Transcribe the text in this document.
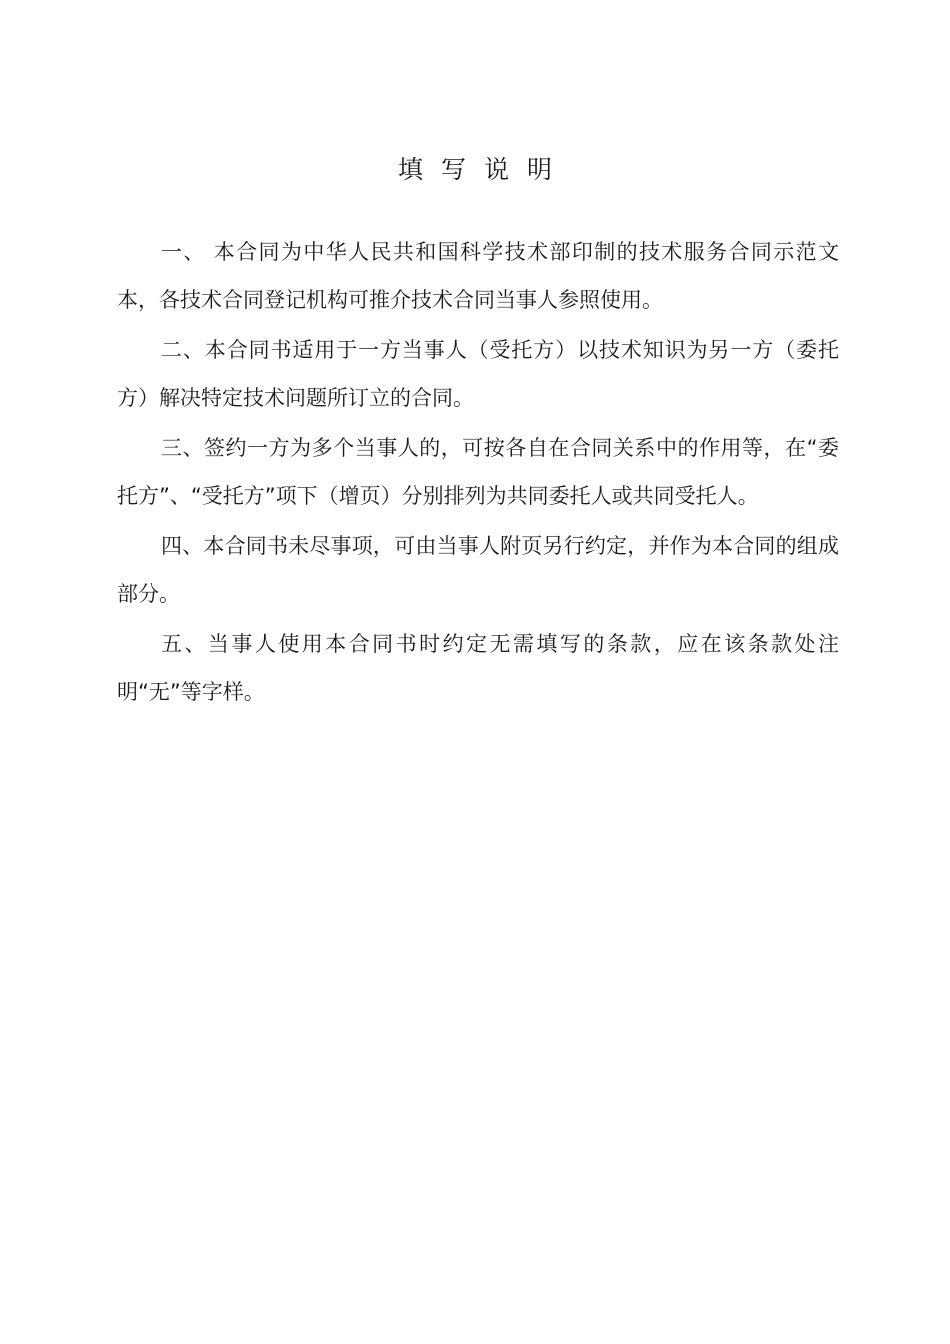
填写说明

一、 本合同为中华人民共和国科学技术部印制的技术服务合同示范文本，各技术合同登记机构可推介技术合同当事人参照使用。

二、本合同书适用于一方当事人（受托方）以技术知识为另一方（委托方）解决特定技术问题所订立的合同。

三、签约一方为多个当事人的，可按各自在合同关系中的作用等，在“委托方”、“受托方”项下（增页）分别排列为共同委托人或共同受托人。

四、本合同书未尽事项，可由当事人附页另行约定，并作为本合同的组成部分。

五、当事人使用本合同书时约定无需填写的条款，应在该条款处注明“无”等字样。
